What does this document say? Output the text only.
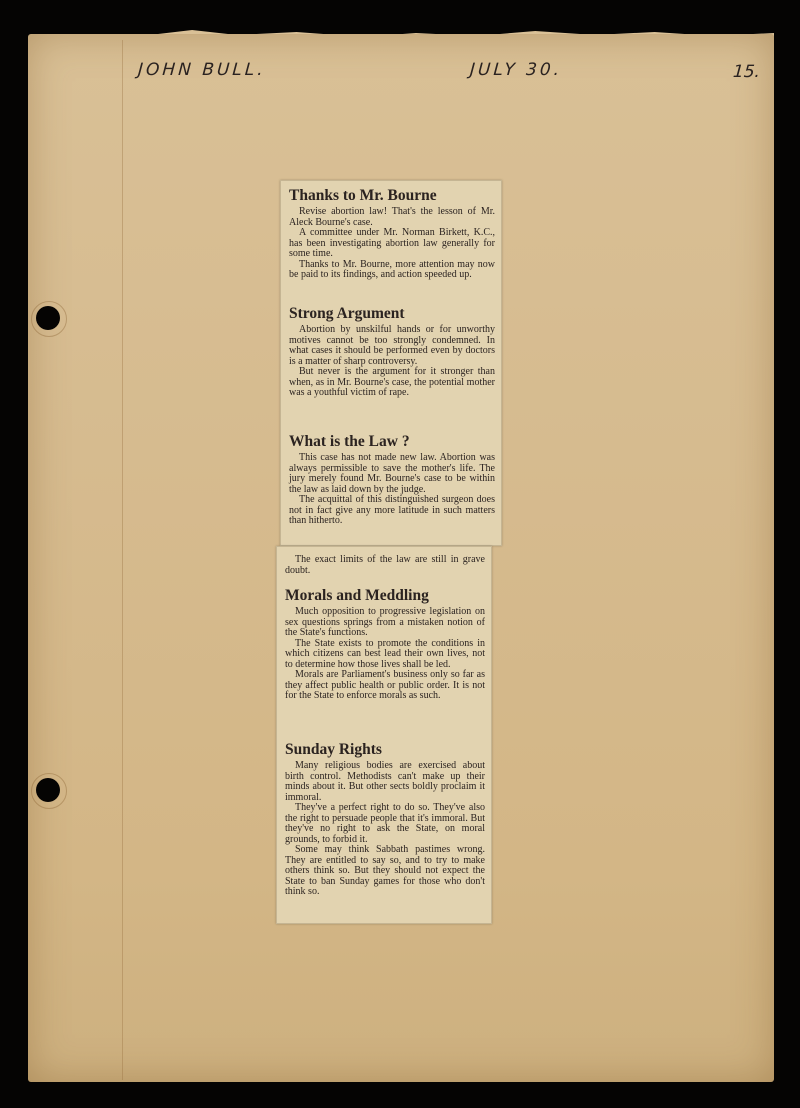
JOHN BULL.	JULY 30.	15.
Thanks to Mr. Bourne

Revise abortion law! That's the lesson of Mr. Aleck Bourne's case.

A committee under Mr. Norman Birkett, K.C., has been investigating abortion law generally for some time.

Thanks to Mr. Bourne, more attention may now be paid to its findings, and action speeded up.

Strong Argument

Abortion by unskilful hands or for unworthy motives cannot be too strongly condemned. In what cases it should be performed even by doctors is a matter of sharp controversy.

But never is the argument for it stronger than when, as in Mr. Bourne's case, the potential mother was a youthful victim of rape.

What is the Law ?

This case has not made new law. Abortion was always permissible to save the mother's life. The jury merely found Mr. Bourne's case to be within the law as laid down by the judge.

The acquittal of this distinguished surgeon does not in fact give any more latitude in such matters than hitherto.

The exact limits of the law are still in grave doubt.

Morals and Meddling

Much opposition to progressive legislation on sex questions springs from a mistaken notion of the State's functions.

The State exists to promote the conditions in which citizens can best lead their own lives, not to determine how those lives shall be led.

Morals are Parliament's business only so far as they affect public health or public order. It is not for the State to enforce morals as such.

Sunday Rights

Many religious bodies are exercised about birth control. Methodists can't make up their minds about it. But other sects boldly proclaim it immoral.

They've a perfect right to do so. They've also the right to persuade people that it's immoral. But they've no right to ask the State, on moral grounds, to forbid it.

Some may think Sabbath pastimes wrong. They are entitled to say so, and to try to make others think so. But they should not expect the State to ban Sunday games for those who don't think so.
